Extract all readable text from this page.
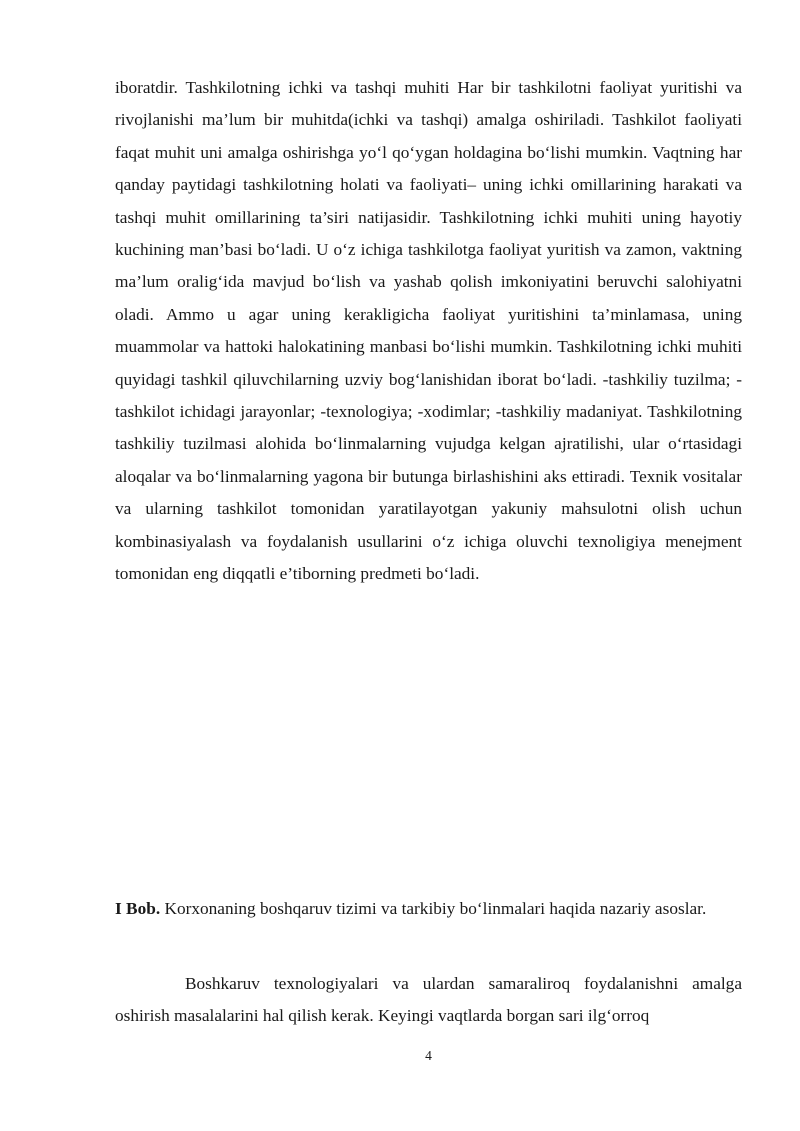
iboratdir. Tashkilotning ichki va tashqi muhiti Har bir tashkilotni faoliyat yuritishi va rivojlanishi ma’lum bir muhitda(ichki va tashqi) amalga oshiriladi. Tashkilot faoliyati faqat muhit uni amalga oshirishga yo‘l qo‘ygan holdagina bo‘lishi mumkin. Vaqtning har qanday paytidagi tashkilotning holati va faoliyati– uning ichki omillarining harakati va tashqi muhit omillarining ta’siri natijasidir. Tashkilotning ichki muhiti uning hayotiy kuchining man’basi bo‘ladi. U o‘z ichiga tashkilotga faoliyat yuritish va zamon, vaktning ma’lum oralig‘ida mavjud bo‘lish va yashab qolish imkoniyatini beruvchi salohiyatni oladi. Ammo u agar uning kerakligicha faoliyat yuritishini ta’minlamasa, uning muammolar va hattoki halokatining manbasi bo‘lishi mumkin. Tashkilotning ichki muhiti quyidagi tashkil qiluvchilarning uzviy bog‘lanishidan iborat bo‘ladi. -tashkiliy tuzilma; -tashkilot ichidagi jarayonlar; -texnologiya; -xodimlar; -tashkiliy madaniyat. Tashkilotning tashkiliy tuzilmasi alohida bo‘linmalarning vujudga kelgan ajratilishi, ular o‘rtasidagi aloqalar va bo‘linmalarning yagona bir butunga birlashishini aks ettiradi. Texnik vositalar va ularning tashkilot tomonidan yaratilayotgan yakuniy mahsulotni olish uchun kombinasiyalash va foydalanish usullarini o‘z ichiga oluvchi texnoligiya menejment tomonidan eng diqqatli e’tiborning predmeti bo‘ladi.

I Bob. Korxonaning boshqaruv tizimi va tarkibiy bo‘linmalari haqida nazariy asoslar.

Boshkaruv texnologiyalari va ulardan samaraliroq foydalanishni amalga oshirish masalalarini hal qilish kerak. Keyingi vaqtlarda borgan sari ilg‘orroq

4
